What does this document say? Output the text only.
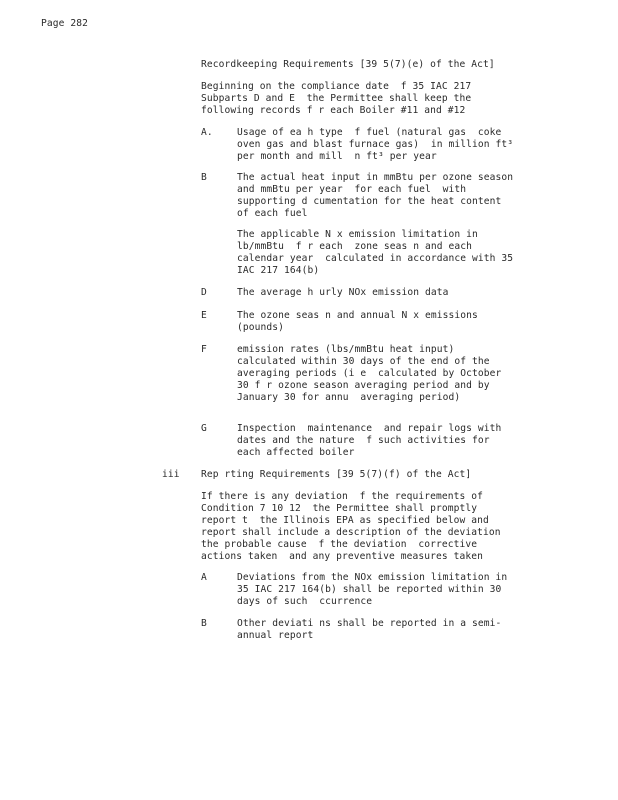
Page 282
Recordkeeping Requirements [39 5(7)(e) of the Act]
Beginning on the compliance date  f 35 IAC 217
Subparts D and E  the Permittee shall keep the
following records f r each Boiler #11 and #12
A.	Usage of ea h type  f fuel (natural gas  coke
oven gas and blast furnace gas)  in million ft³
per month and mill  n ft³ per year
B	The actual heat input in mmBtu per ozone season
and mmBtu per year  for each fuel  with
supporting d cumentation for the heat content
of each fuel
The applicable N x emission limitation in
lb/mmBtu  f r each  zone seas n and each
calendar year  calculated in accordance with 35
IAC 217 164(b)
D	The average h urly NOx emission data
E	The ozone seas n and annual N x emissions
(pounds)
F	emission rates (lbs/mmBtu heat input)
calculated within 30 days of the end of the
averaging periods (i e  calculated by October
30 f r ozone season averaging period and by
January 30 for annu  averaging period)
G	Inspection  maintenance  and repair logs with
dates and the nature  f such activities for
each affected boiler
iii Rep rting Requirements [39 5(7)(f) of the Act]
If there is any deviation  f the requirements of
Condition 7 10 12  the Permittee shall promptly
report t  the Illinois EPA as specified below and
report shall include a description of the deviation
the probable cause  f the deviation  corrective
actions taken  and any preventive measures taken
A	Deviations from the NOx emission limitation in
35 IAC 217 164(b) shall be reported within 30
days of such  ccurrence
B	Other deviati ns shall be reported in a semi-
annual report
